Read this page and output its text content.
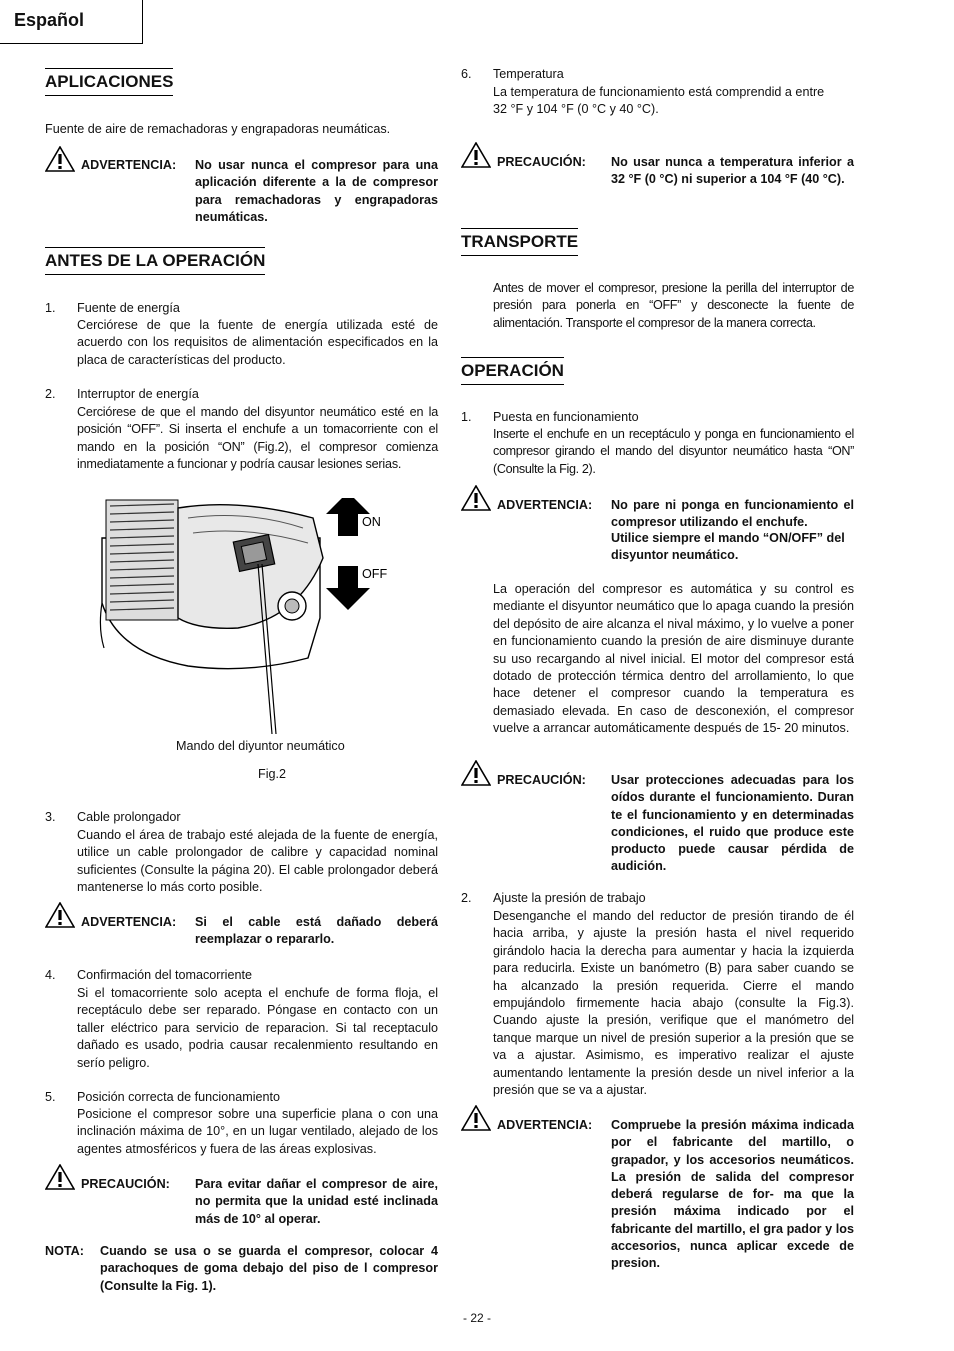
Español
APLICACIONES
Fuente de aire de remachadoras y engrapadoras neumáticas.
ADVERTENCIA: No usar nunca el compresor para una aplicación diferente a la de compresor para remachadoras y engrapadoras neumáticas.
ANTES DE LA OPERACIÓN
1. Fuente de energía
Cerciórese de que la fuente de energía utilizada esté de acuerdo con los requisitos de alimentación especificados en la placa de características del producto.
2. Interruptor de energía
Cerciórese de que el mando del disyuntor neumático esté en la posición “OFF”. Si inserta el enchufe a un tomacorriente con el mando en la posición “ON” (Fig.2), el compresor comienza inmediatamente a funcionar y podría causar lesiones serias.
ON
OFF
Mando del diyuntor neumático
Fig.2
3. Cable prolongador
Cuando el área de trabajo esté alejada de la fuente de energía, utilice un cable prolongador de calibre y capacidad nominal suficientes (Consulte la página 20). El cable prolongador deberá mantenerse lo más corto posible.
ADVERTENCIA: Si el cable está dañado deberá reemplazar o repararlo.
4. Confirmación del tomacorriente
Si el tomacorriente solo acepta el enchufe de forma floja, el receptáculo debe ser reparado. Póngase en contacto con un taller eléctrico para servicio de reparacion. Si tal receptaculo dañado es usado, podria causar recalenmiento resultando en serío peligro.
5. Posición correcta de funcionamiento
Posicione el compresor sobre una superficie plana o con una inclinación máxima de 10°, en un lugar ventilado, alejado de los agentes atmosféricos y fuera de las áreas explosivas.
PRECAUCIÓN: Para evitar dañar el compresor de aire, no permita que la unidad esté inclinada más de 10° al operar.
NOTA: Cuando se usa o se guarda el compresor, colocar 4 parachoques de goma debajo del piso de l compresor (Consulte la Fig. 1).
6. Temperatura
La temperatura de funcionamiento está comprendid a entre 32 °F y 104 °F (0 °C y 40 °C).
PRECAUCIÓN: No usar nunca a temperatura inferior a 32 °F (0 °C) ni superior a 104 °F (40 °C).
TRANSPORTE
Antes de mover el compresor, presione la perilla del interruptor de presión para ponerla en “OFF” y desconecte la fuente de alimentación. Transporte el compresor de la manera correcta.
OPERACIÓN
1. Puesta en funcionamiento
Inserte el enchufe en un receptáculo y ponga en funcionamiento el compresor girando el mando del disyuntor neumático hasta “ON” (Consulte la Fig. 2).
ADVERTENCIA: No pare ni ponga en funcionamiento el compresor utilizando el enchufe.
Utilice siempre el mando “ON/OFF” del disyuntor neumático.
La operación del compresor es automática y su control es mediante el disyuntor neumático que lo apaga cuando la presión del depósito de aire alcanza el nival máximo, y lo vuelve a poner en funcionamiento cuando la presión de aire disminuye durante su uso recargando al nivel inicial. El motor del compresor está dotado de protección térmica dentro del arrollamiento, lo que hace detener el compresor cuando la temperatura es demasiado elevada. En caso de desconexión, el compresor vuelve a arrancar automáticamente después de 15- 20 minutos.
PRECAUCIÓN: Usar protecciones adecuadas para los oídos durante el funcionamiento. Duran te el funcionamiento y en determinadas condiciones, el ruido que produce este producto puede causar pérdida de audición.
2. Ajuste la presión de trabajo
Desenganche el mando del reductor de presión tirando de él hacia arriba, y ajuste la presión hasta el nivel requerido girándolo hacia la derecha para aumentar y hacia la izquierda para reducirla. Existe un banómetro (B) para saber cuando se ha alcanzado la presión requerida. Cierre el mando empujándolo firmemente hacia abajo (consulte la Fig.3). Cuando ajuste la presión, verifique que el manómetro del tanque marque un nivel de presión superior a la presión que se va a ajustar. Asimismo, es imperativo realizar el ajuste aumentando lentamente la presión desde un nivel inferior a la presión que se va a ajustar.
ADVERTENCIA: Compruebe la presión máxima indicada por el fabricante del martillo, o grapador, y los accesorios neumáticos. La presión de salida del compresor deberá regularse de for- ma que la presión máxima indicado por el fabricante del martillo, el gra pador y los accesorios, nunca aplicar excede de presion.
- 22 -
